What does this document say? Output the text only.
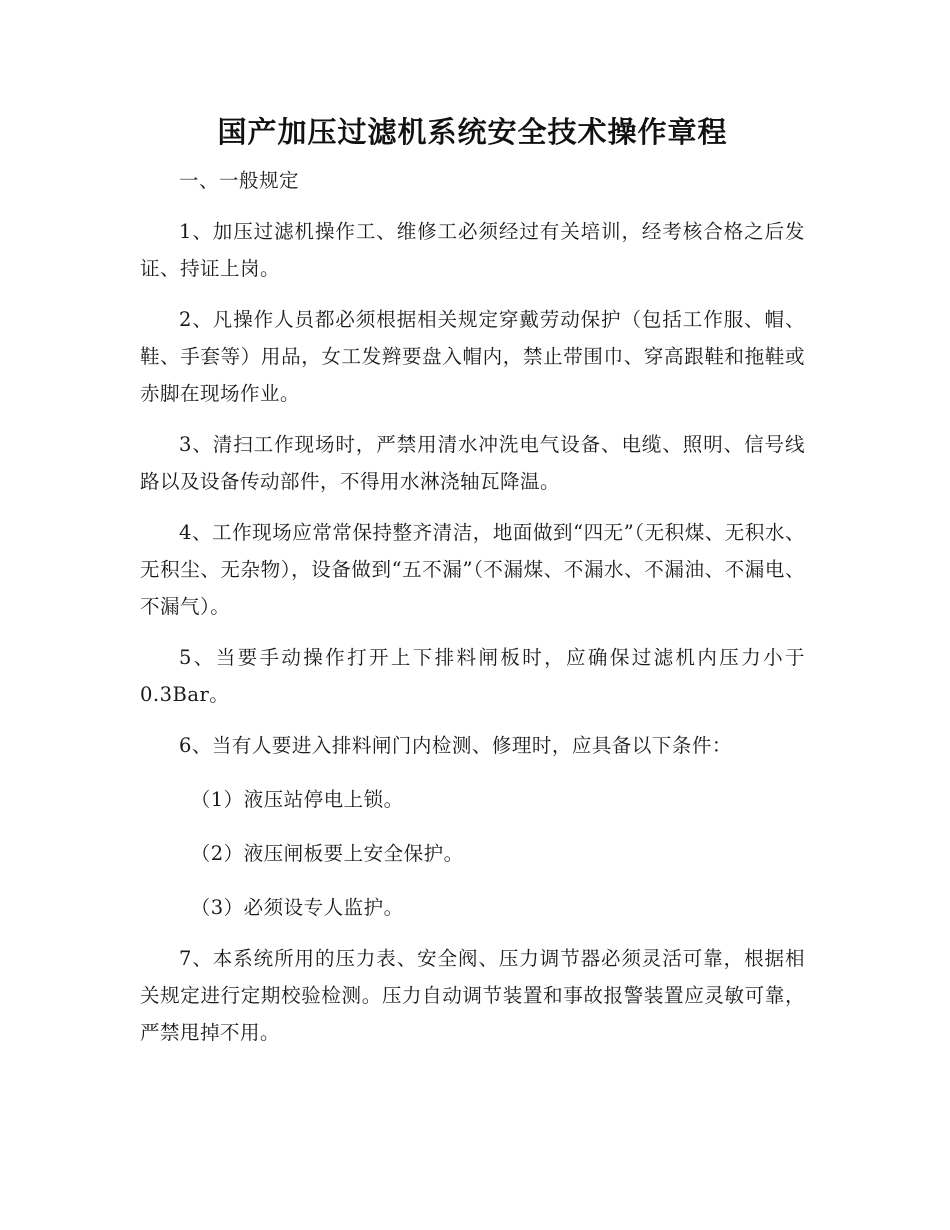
国产加压过滤机系统安全技术操作章程

一、一般规定

1、加压过滤机操作工、维修工必须经过有关培训，经考核合格之后发证、持证上岗。

2、凡操作人员都必须根据相关规定穿戴劳动保护（包括工作服、帽、鞋、手套等）用品，女工发辫要盘入帽内，禁止带围巾、穿高跟鞋和拖鞋或赤脚在现场作业。

3、清扫工作现场时，严禁用清水冲洗电气设备、电缆、照明、信号线路以及设备传动部件，不得用水淋浇轴瓦降温。

4、工作现场应常常保持整齐清洁，地面做到“四无”（无积煤、无积水、无积尘、无杂物），设备做到“五不漏”（不漏煤、不漏水、不漏油、不漏电、不漏气）。

5、当要手动操作打开上下排料闸板时，应确保过滤机内压力小于0.3Bar。

6、当有人要进入排料闸门内检测、修理时，应具备以下条件：

（1）液压站停电上锁。

（2）液压闸板要上安全保护。

（3）必须设专人监护。

7、本系统所用的压力表、安全阀、压力调节器必须灵活可靠，根据相关规定进行定期校验检测。压力自动调节装置和事故报警装置应灵敏可靠，严禁甩掉不用。
